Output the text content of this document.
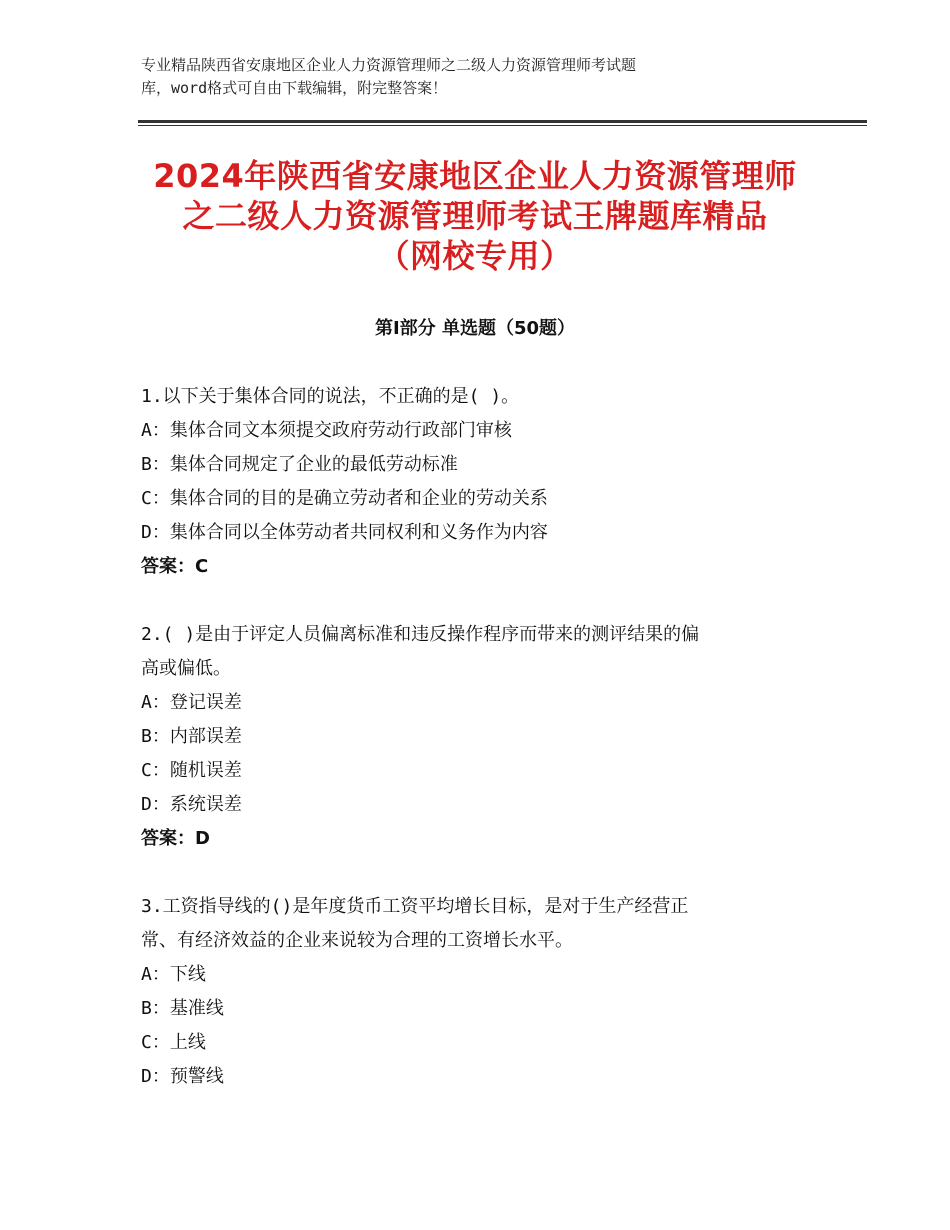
专业精品陕西省安康地区企业人力资源管理师之二级人力资源管理师考试题
库，word格式可自由下载编辑，附完整答案！
2024年陕西省安康地区企业人力资源管理师
之二级人力资源管理师考试王牌题库精品
（网校专用）
第Ⅰ部分 单选题（50题）
1.以下关于集体合同的说法，不正确的是( )。
A：集体合同文本须提交政府劳动行政部门审核
B：集体合同规定了企业的最低劳动标准
C：集体合同的目的是确立劳动者和企业的劳动关系
D：集体合同以全体劳动者共同权利和义务作为内容
答案：C
2.( )是由于评定人员偏离标准和违反操作程序而带来的测评结果的偏
高或偏低。
A：登记误差
B：内部误差
C：随机误差
D：系统误差
答案：D
3.工资指导线的()是年度货币工资平均增长目标，是对于生产经营正
常、有经济效益的企业来说较为合理的工资增长水平。
A：下线
B：基准线
C：上线
D：预警线
